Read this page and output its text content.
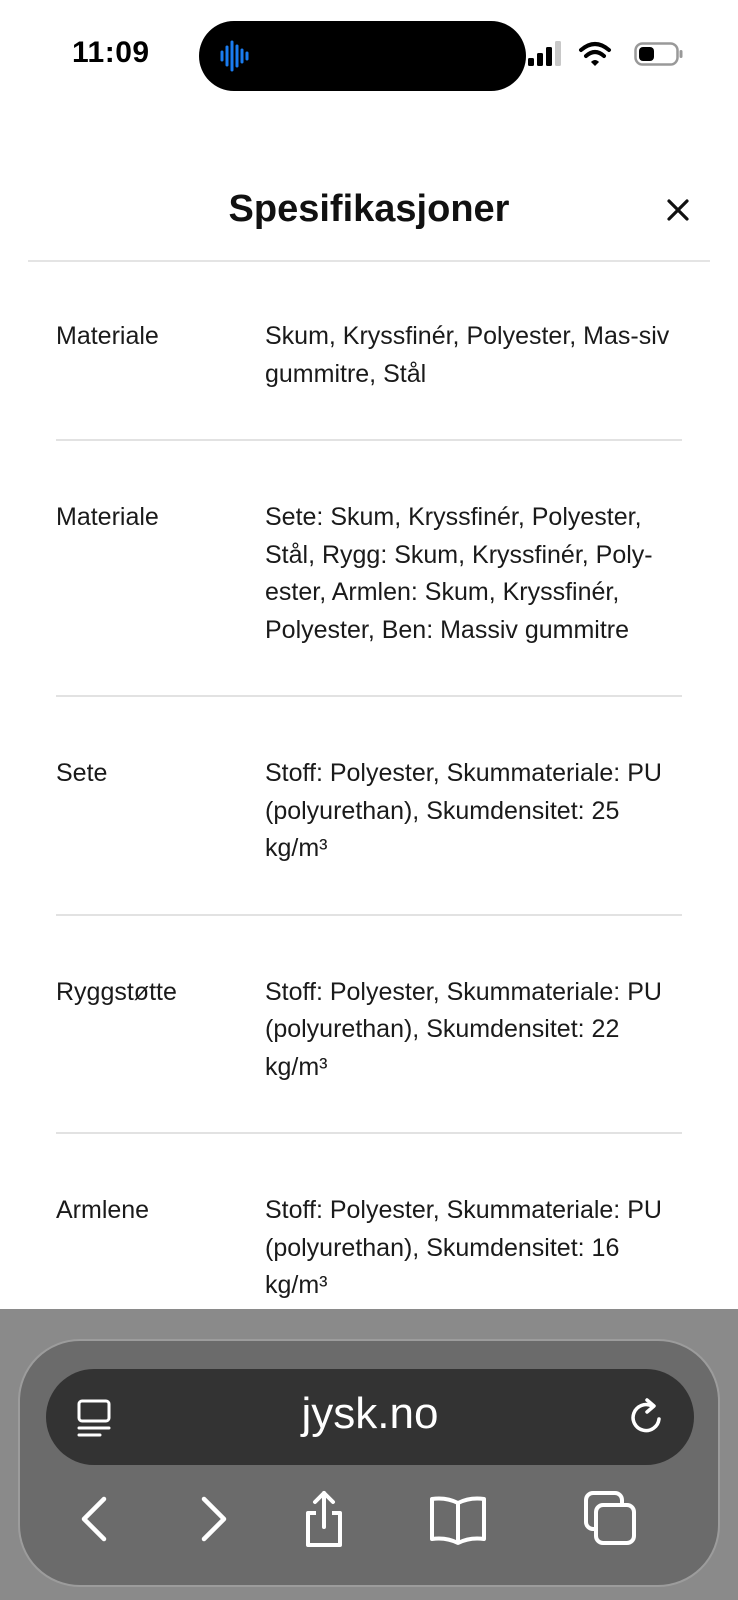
11:09
Spesifikasjoner
Materiale	Skum, Kryssfinér, Polyester, Mas-siv gummitre, Stål
Materiale	Sete: Skum, Kryssfinér, Polyester, Stål, Rygg: Skum, Kryssfinér, Poly-ester, Armlen: Skum, Kryssfinér, Polyester, Ben: Massiv gummitre
Sete	Stoff: Polyester, Skummateriale: PU (polyurethan), Skumdensitet: 25 kg/m³
Ryggstøtte	Stoff: Polyester, Skummateriale: PU (polyurethan), Skumdensitet: 22 kg/m³
Armlene	Stoff: Polyester, Skummateriale: PU (polyurethan), Skumdensitet: 16 kg/m³
jysk.no
